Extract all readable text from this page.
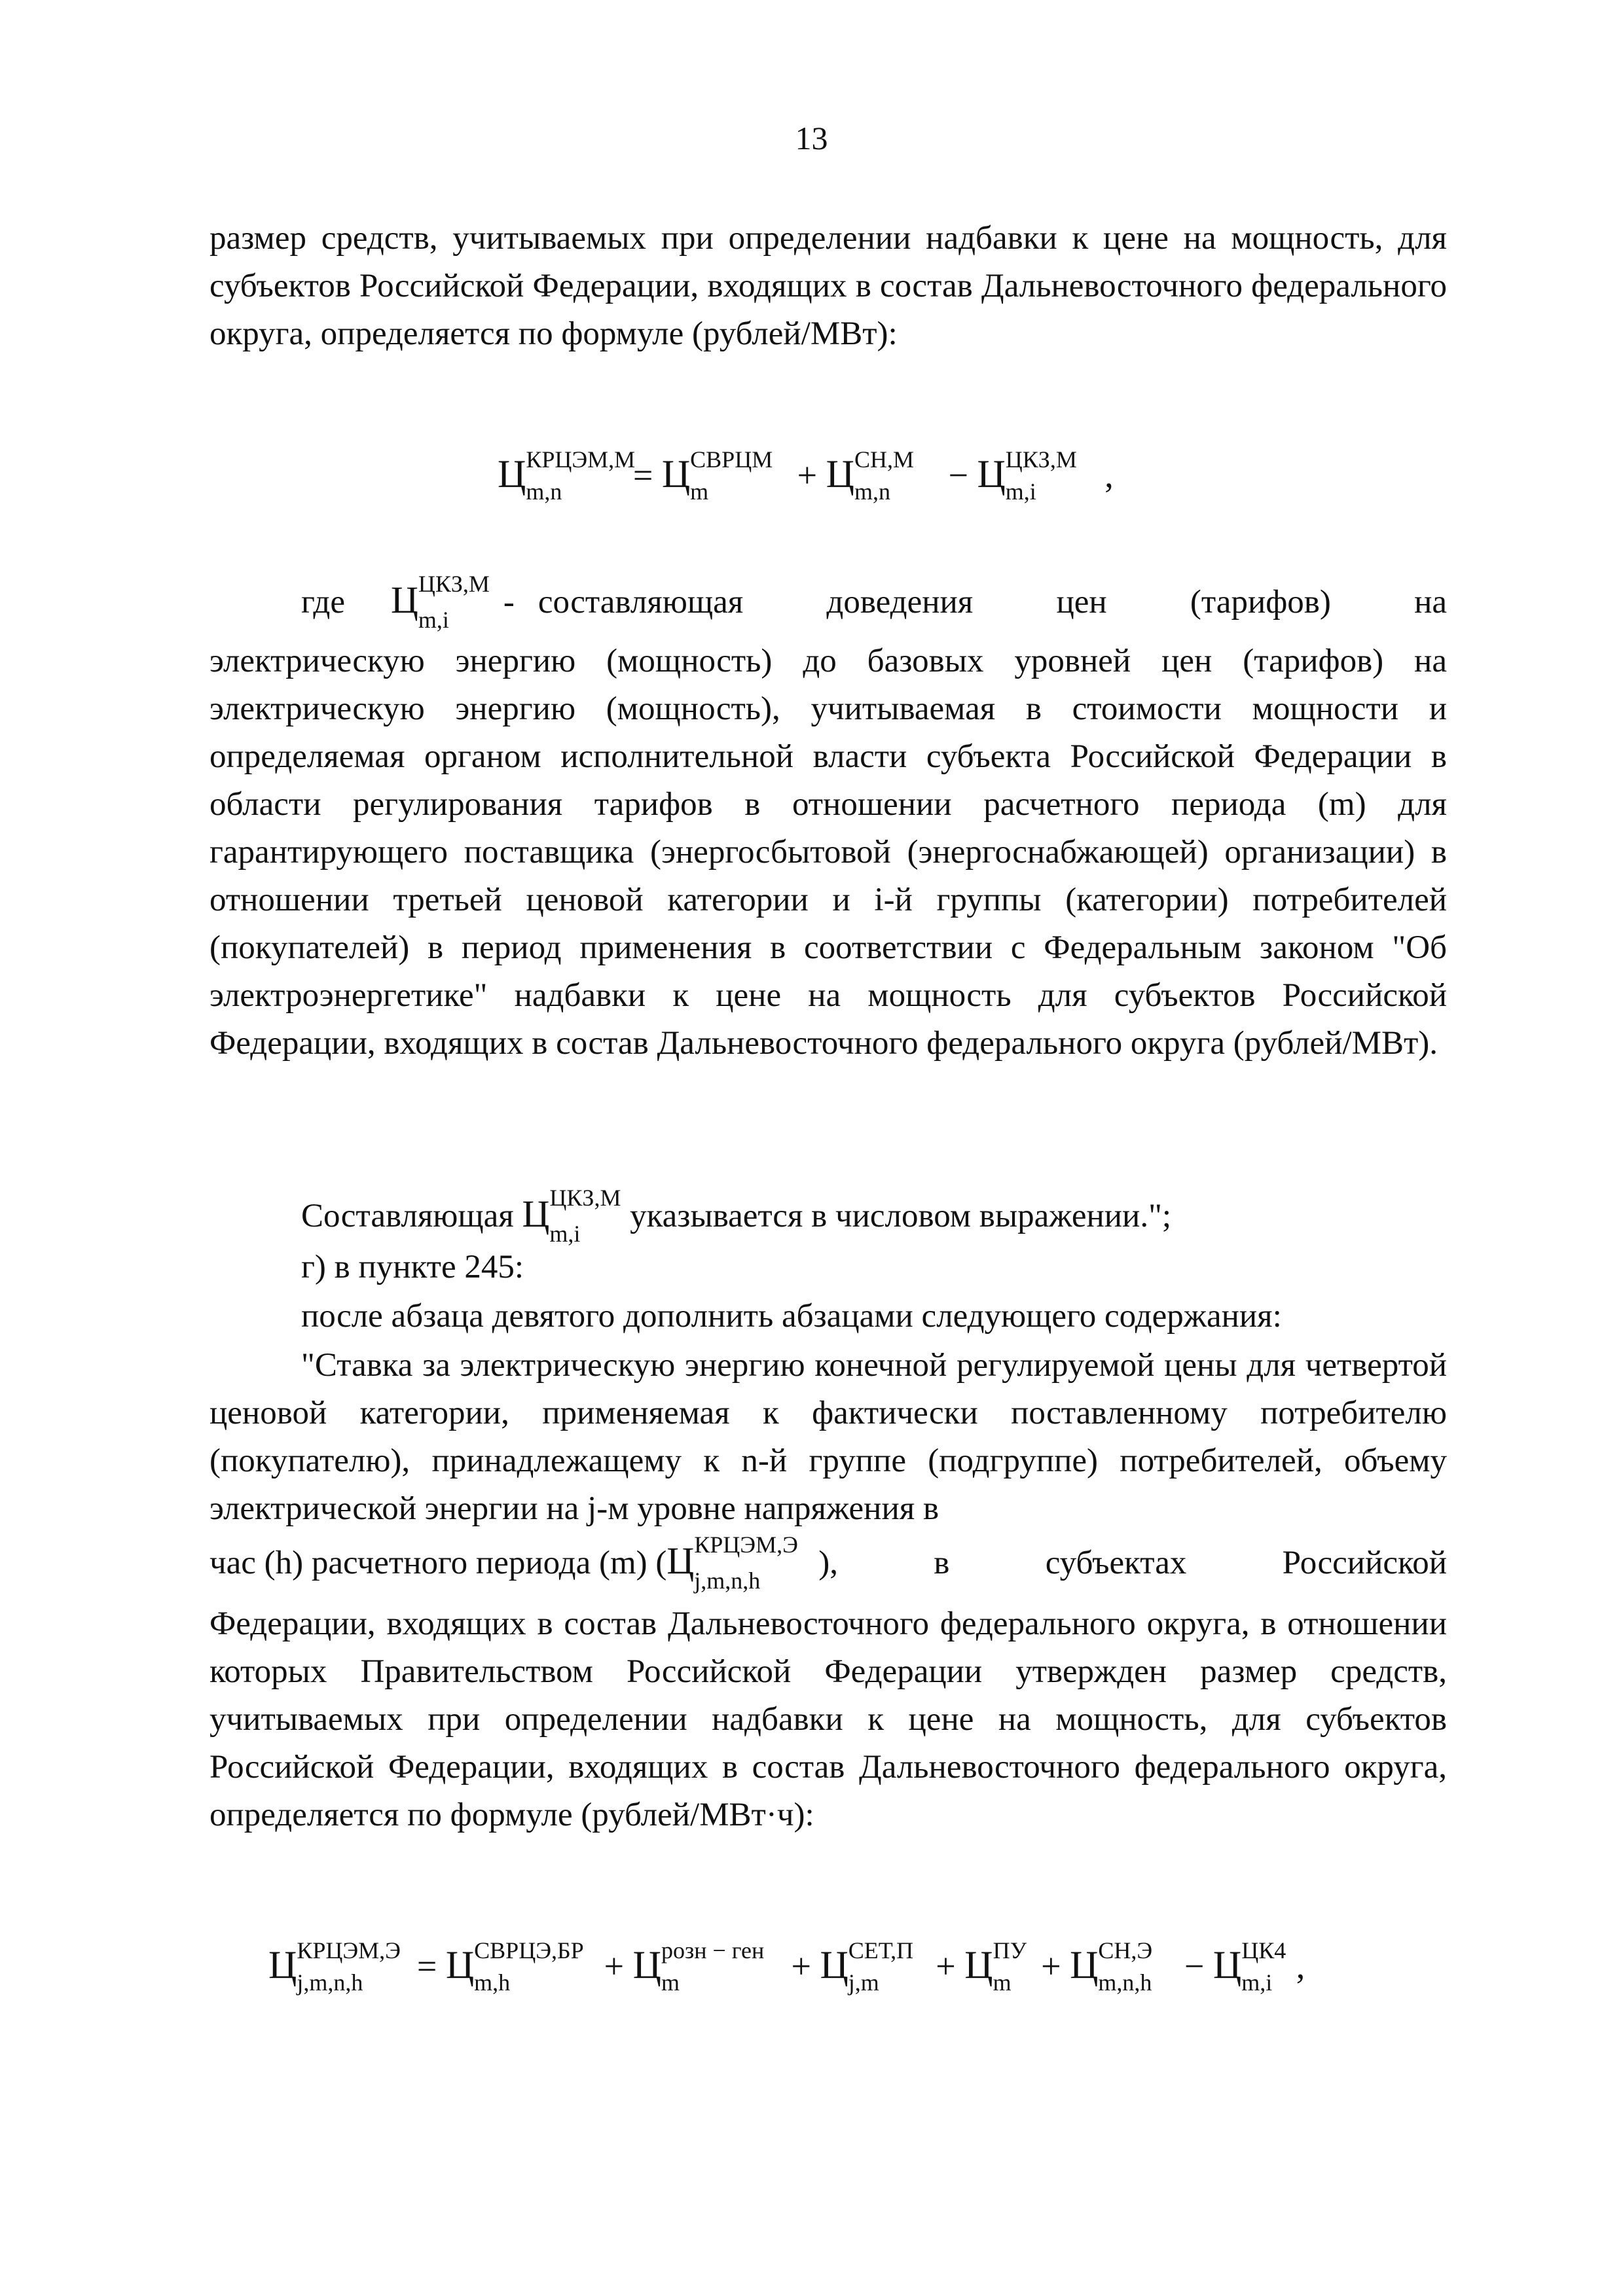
13
размер средств, учитываемых при определении надбавки к цене на мощность, для субъектов Российской Федерации, входящих в состав Дальневосточного федерального округа, определяется по формуле (рублей/МВт):
Ц КРЦЭМ,М
m,n = Ц СВРЦМ
m	+ Ц СН,М
m,n − Ц ЦКЗ,М
m,i ,
где Ц ЦКЗ,М
m,i - составляющая доведения цен (тарифов) на
электрическую энергию (мощность) до базовых уровней цен (тарифов) на электрическую энергию (мощность), учитываемая в стоимости мощности и определяемая органом исполнительной власти субъекта Российской Федерации в области регулирования тарифов в отношении расчетного периода (m) для гарантирующего поставщика (энергосбытовой (энергоснабжающей) организации) в отношении третьей ценовой категории и i-й группы (категории) потребителей (покупателей) в период применения в соответствии с Федеральным законом "Об электроэнергетике" надбавки к цене на мощность для субъектов Российской Федерации, входящих в состав Дальневосточного федерального округа (рублей/МВт).
Составляющая Ц ЦКЗ,М
m,i указывается в числовом выражении.";
г) в пункте 245:
после абзаца девятого дополнить абзацами следующего содержания:
"Ставка за электрическую энергию конечной регулируемой цены для четвертой ценовой категории, применяемая к фактически поставленному потребителю (покупателю), принадлежащему к n-й группе (подгруппе) потребителей, объему электрической энергии на j-м уровне напряжения в
час (h) расчетного периода (m) ( Ц КРЦЭМ,Э
j,m,n,h ), в субъектах Российской
Федерации, входящих в состав Дальневосточного федерального округа, в отношении которых Правительством Российской Федерации утвержден размер средств, учитываемых при определении надбавки к цене на мощность, для субъектов Российской Федерации, входящих в состав Дальневосточного федерального округа, определяется по формуле (рублей/МВт·ч):
Ц КРЦЭМ,Э
j,m,n,h = Ц СВРЦЭ,БР
m,h	+ Ц розн − ген
m	+ Ц СЕТ,П
j,m + Ц ПУ
m + Ц СН,Э
m,n,h − Ц ЦК4
m,i ,
